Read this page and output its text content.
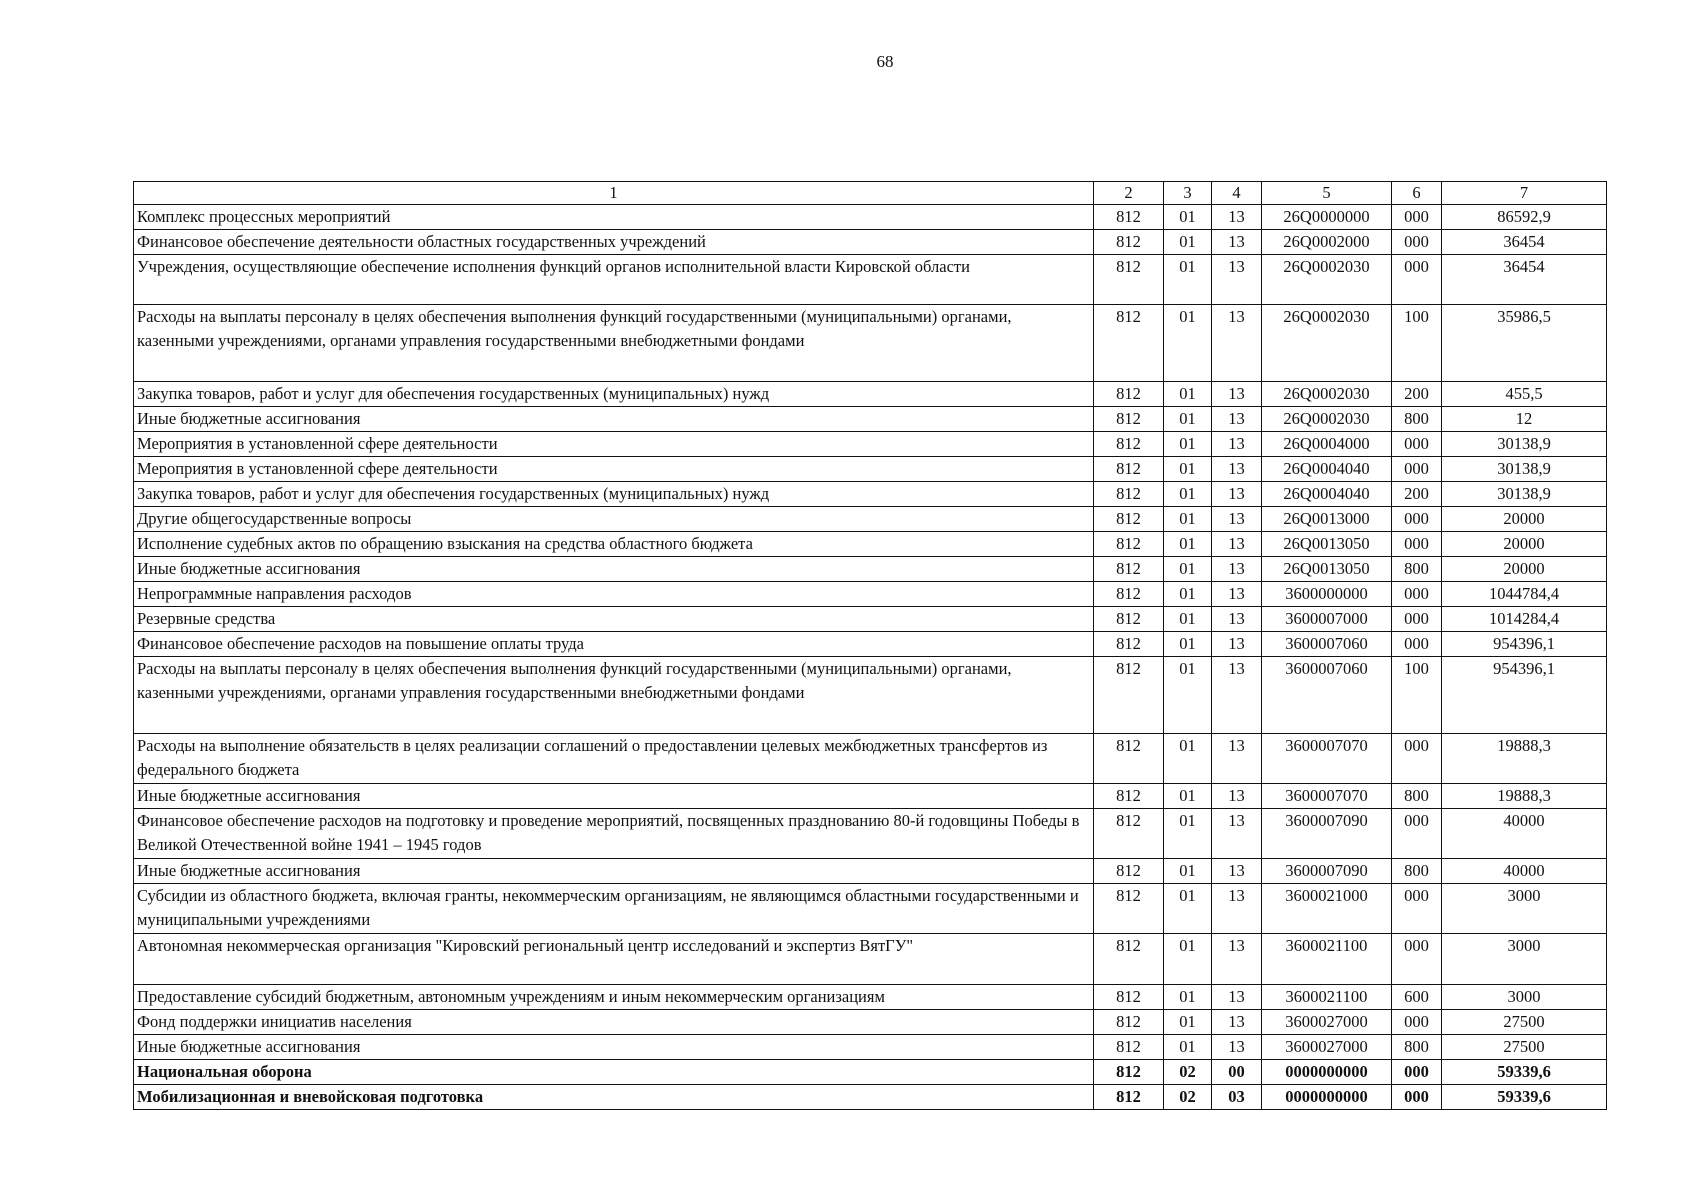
68
1	2	3	4	5	6	7
Комплекс процессных мероприятий	812	01	13	26Q0000000	000	86592,9
Финансовое обеспечение деятельности областных государственных учреждений	812	01	13	26Q0002000	000	36454
Учреждения, осуществляющие обеспечение исполнения функций органов исполнительной власти Кировской области	812	01	13	26Q0002030	000	36454
Расходы на выплаты персоналу в целях обеспечения выполнения функций государственными (муниципальными) органами, казенными учреждениями, органами управления государственными внебюджетными фондами	812	01	13	26Q0002030	100	35986,5
Закупка товаров, работ и услуг для обеспечения государственных (муниципальных) нужд	812	01	13	26Q0002030	200	455,5
Иные бюджетные ассигнования	812	01	13	26Q0002030	800	12
Мероприятия в установленной сфере деятельности	812	01	13	26Q0004000	000	30138,9
Мероприятия в установленной сфере деятельности	812	01	13	26Q0004040	000	30138,9
Закупка товаров, работ и услуг для обеспечения государственных (муниципальных) нужд	812	01	13	26Q0004040	200	30138,9
Другие общегосударственные вопросы	812	01	13	26Q0013000	000	20000
Исполнение судебных актов по обращению взыскания на средства областного бюджета	812	01	13	26Q0013050	000	20000
Иные бюджетные ассигнования	812	01	13	26Q0013050	800	20000
Непрограммные направления расходов	812	01	13	3600000000	000	1044784,4
Резервные средства	812	01	13	3600007000	000	1014284,4
Финансовое обеспечение расходов на повышение оплаты труда	812	01	13	3600007060	000	954396,1
Расходы на выплаты персоналу в целях обеспечения выполнения функций государственными (муниципальными) органами, казенными учреждениями, органами управления государственными внебюджетными фондами	812	01	13	3600007060	100	954396,1
Расходы на выполнение обязательств в целях реализации соглашений о предоставлении целевых межбюджетных трансфертов из федерального бюджета	812	01	13	3600007070	000	19888,3
Иные бюджетные ассигнования	812	01	13	3600007070	800	19888,3
Финансовое обеспечение расходов на подготовку и проведение мероприятий, посвященных празднованию 80-й годовщины Победы в Великой Отечественной войне 1941 – 1945 годов	812	01	13	3600007090	000	40000
Иные бюджетные ассигнования	812	01	13	3600007090	800	40000
Субсидии из областного бюджета, включая гранты, некоммерческим организациям, не являющимся областными государственными и муниципальными учреждениями	812	01	13	3600021000	000	3000
Автономная некоммерческая организация "Кировский региональный центр исследований и экспертиз ВятГУ"	812	01	13	3600021100	000	3000
Предоставление субсидий бюджетным, автономным учреждениям и иным некоммерческим организациям	812	01	13	3600021100	600	3000
Фонд поддержки инициатив населения	812	01	13	3600027000	000	27500
Иные бюджетные ассигнования	812	01	13	3600027000	800	27500
Национальная оборона	812	02	00	0000000000	000	59339,6
Мобилизационная и вневойсковая подготовка	812	02	03	0000000000	000	59339,6
